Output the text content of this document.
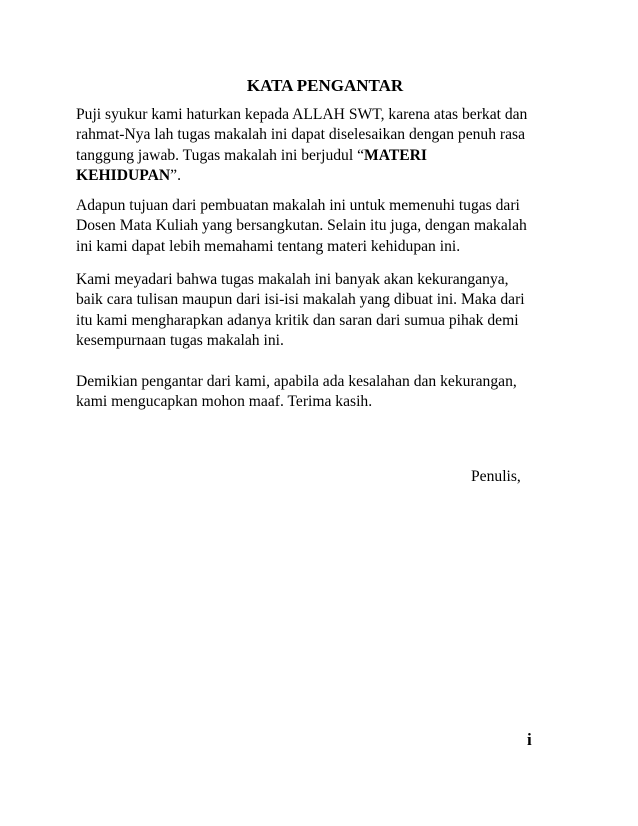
KATA PENGANTAR

Puji syukur kami haturkan kepada ALLAH SWT, karena atas berkat dan
rahmat-Nya lah tugas makalah ini dapat diselesaikan dengan penuh rasa
tanggung jawab. Tugas makalah ini berjudul “MATERI
KEHIDUPAN”.

Adapun tujuan dari pembuatan makalah ini untuk memenuhi tugas dari
Dosen Mata Kuliah yang bersangkutan. Selain itu juga, dengan makalah
ini kami dapat lebih memahami tentang materi kehidupan ini.

Kami meyadari bahwa tugas makalah ini banyak akan kekuranganya,
baik cara tulisan maupun dari isi-isi makalah yang dibuat ini. Maka dari
itu kami mengharapkan adanya kritik dan saran dari sumua pihak demi
kesempurnaan tugas makalah ini.

Demikian pengantar dari kami, apabila ada kesalahan dan kekurangan,
kami mengucapkan mohon maaf. Terima kasih.

Penulis,

i
